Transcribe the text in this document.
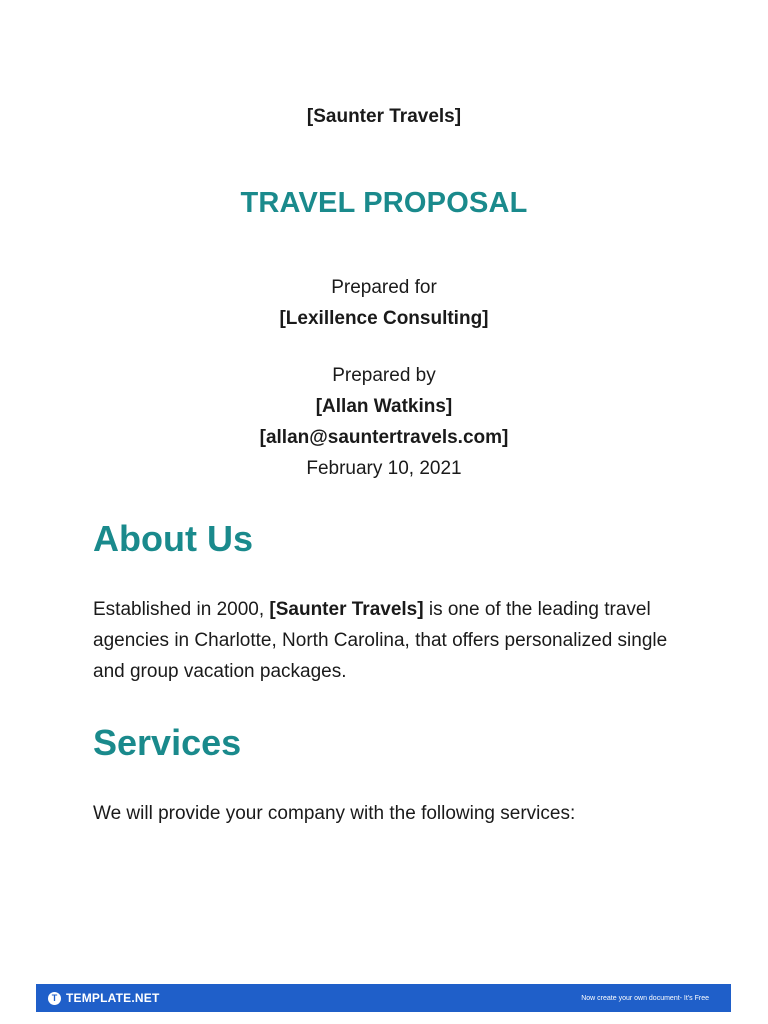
[Saunter Travels]
TRAVEL PROPOSAL
Prepared for
[Lexillence Consulting]
Prepared by
[Allan Watkins]
[allan@sauntertravels.com]
February 10, 2021
About Us

Established in 2000, [Saunter Travels] is one of the leading travel agencies in Charlotte, North Carolina, that offers personalized single and group vacation packages.

Services

We will provide your company with the following services:

T TEMPLATE.NET	Now create your own document- It's Free
